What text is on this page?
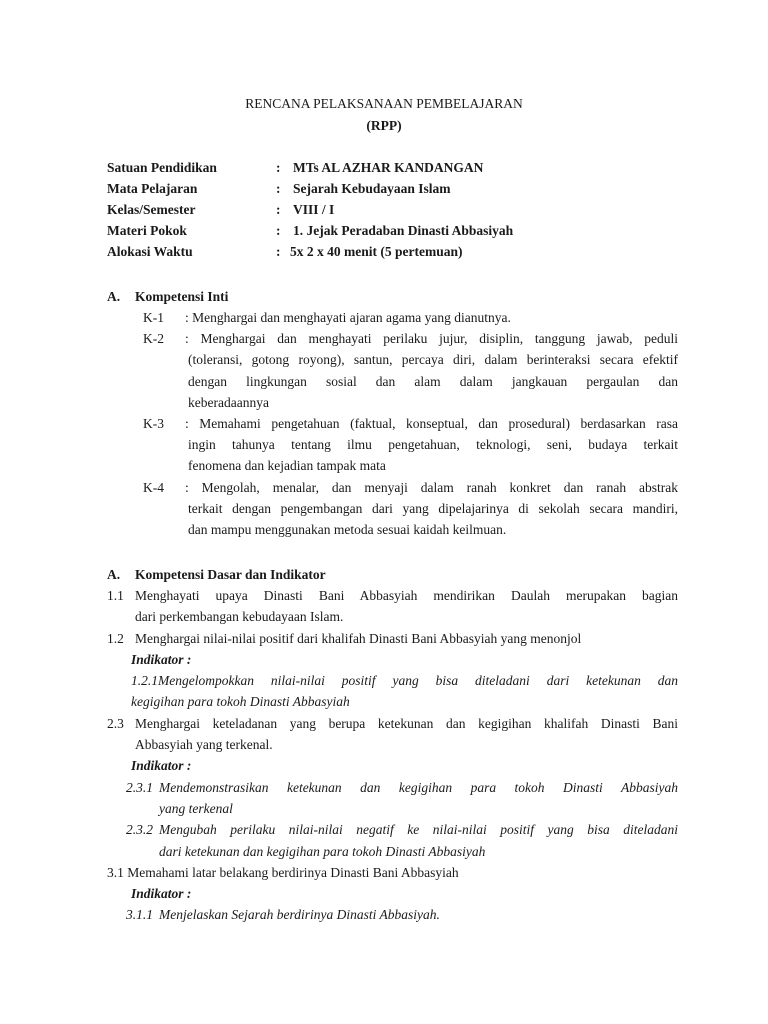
RENCANA PELAKSANAAN PEMBELAJARAN
(RPP)
Satuan Pendidikan	: MTs AL AZHAR KANDANGAN
Mata Pelajaran	: Sejarah Kebudayaan Islam
Kelas/Semester	: VIII / I
Materi Pokok	: 1. Jejak Peradaban Dinasti Abbasiyah
Alokasi Waktu	: 5x 2 x 40 menit (5 pertemuan)
A. Kompetensi Inti
K-1 : Menghargai dan menghayati ajaran agama yang dianutnya.
K-2 : Menghargai dan menghayati perilaku jujur, disiplin, tanggung jawab, peduli
(toleransi, gotong royong), santun, percaya diri, dalam berinteraksi secara efektif
dengan lingkungan sosial dan alam dalam jangkauan pergaulan dan
keberadaannya
K-3 : Memahami pengetahuan (faktual, konseptual, dan prosedural) berdasarkan rasa
ingin tahunya tentang ilmu pengetahuan, teknologi, seni, budaya terkait
fenomena dan kejadian tampak mata
K-4 : Mengolah, menalar, dan menyaji dalam ranah konkret dan ranah abstrak
terkait dengan pengembangan dari yang dipelajarinya di sekolah secara mandiri,
dan mampu menggunakan metoda sesuai kaidah keilmuan.
A. Kompetensi Dasar dan Indikator
1.1 Menghayati upaya Dinasti Bani Abbasyiah mendirikan Daulah merupakan bagian
dari perkembangan kebudayaan Islam.
1.2 Menghargai nilai-nilai positif dari khalifah Dinasti Bani Abbasyiah yang menonjol
Indikator :
1.2.1Mengelompokkan nilai-nilai positif yang bisa diteladani dari ketekunan dan
kegigihan para tokoh Dinasti Abbasyiah
2.3 Menghargai keteladanan yang berupa ketekunan dan kegigihan khalifah Dinasti Bani
Abbasyiah yang terkenal.
Indikator :
2.3.1 Mendemonstrasikan ketekunan dan kegigihan para tokoh Dinasti Abbasiyah
yang terkenal
2.3.2 Mengubah perilaku nilai-nilai negatif ke nilai-nilai positif yang bisa diteladani
dari ketekunan dan kegigihan para tokoh Dinasti Abbasiyah
3.1 Memahami latar belakang berdirinya Dinasti Bani Abbasyiah
Indikator :
3.1.1 Menjelaskan Sejarah berdirinya Dinasti Abbasiyah.
